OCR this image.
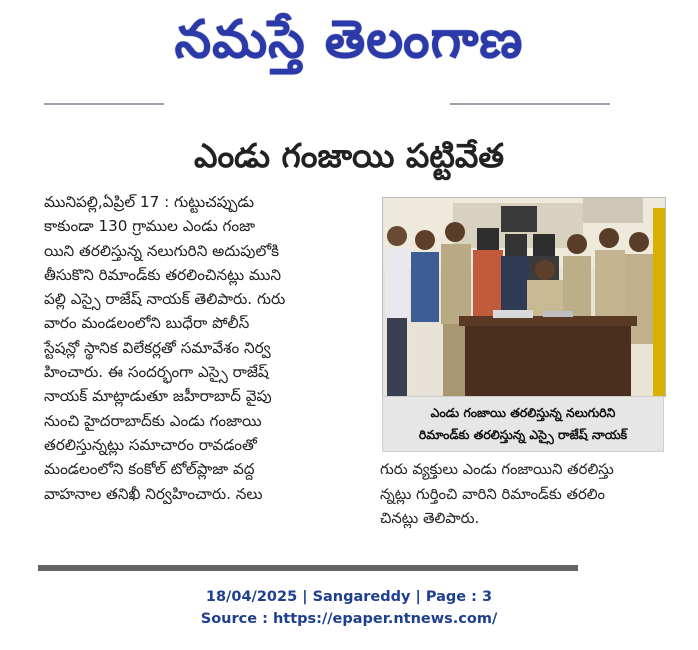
నమస్తే తెలంగాణ
ఎండు గంజాయి పట్టివేత

మునిపల్లి,ఏప్రిల్ 17 : గుట్టుచప్పుడు

కాకుండా 130 గ్రాముల ఎండు గంజా

యిని తరలిస్తున్న నలుగురిని అదుపులోకి

తీసుకొని రిమాండ్‌కు తరలించినట్లు ముని

పల్లి ఎస్సై రాజేష్ నాయక్ తెలిపారు. గురు

వారం మండలంలోని బుధేరా పోలీస్

స్టేషన్లో స్థానిక విలేకర్లతో సమావేశం నిర్వ

హించారు. ఈ సందర్భంగా ఎస్సై రాజేష్

నాయక్ మాట్లాడుతూ జహీరాబాద్ వైపు

నుంచి హైదరాబాద్‌కు ఎండు గంజాయి

తరలిస్తున్నట్లు సమాచారం రావడంతో

మండలంలోని కంకోల్ టోల్‌ప్లాజా వద్ద

వాహనాల తనిఖీ నిర్వహించారు. నలు

ఎండు గంజాయి తరలిస్తున్న నలుగురిని

రిమాండ్‌కు తరలిస్తున్న ఎస్సై రాజేష్ నాయక్

గురు వ్యక్తులు ఎండు గంజాయిని తరలిస్తు

న్నట్లు గుర్తించి వారిని రిమాండ్‌కు తరలిం

చినట్లు తెలిపారు.

18/04/2025 | Sangareddy | Page : 3
Source : https://epaper.ntnews.com/
